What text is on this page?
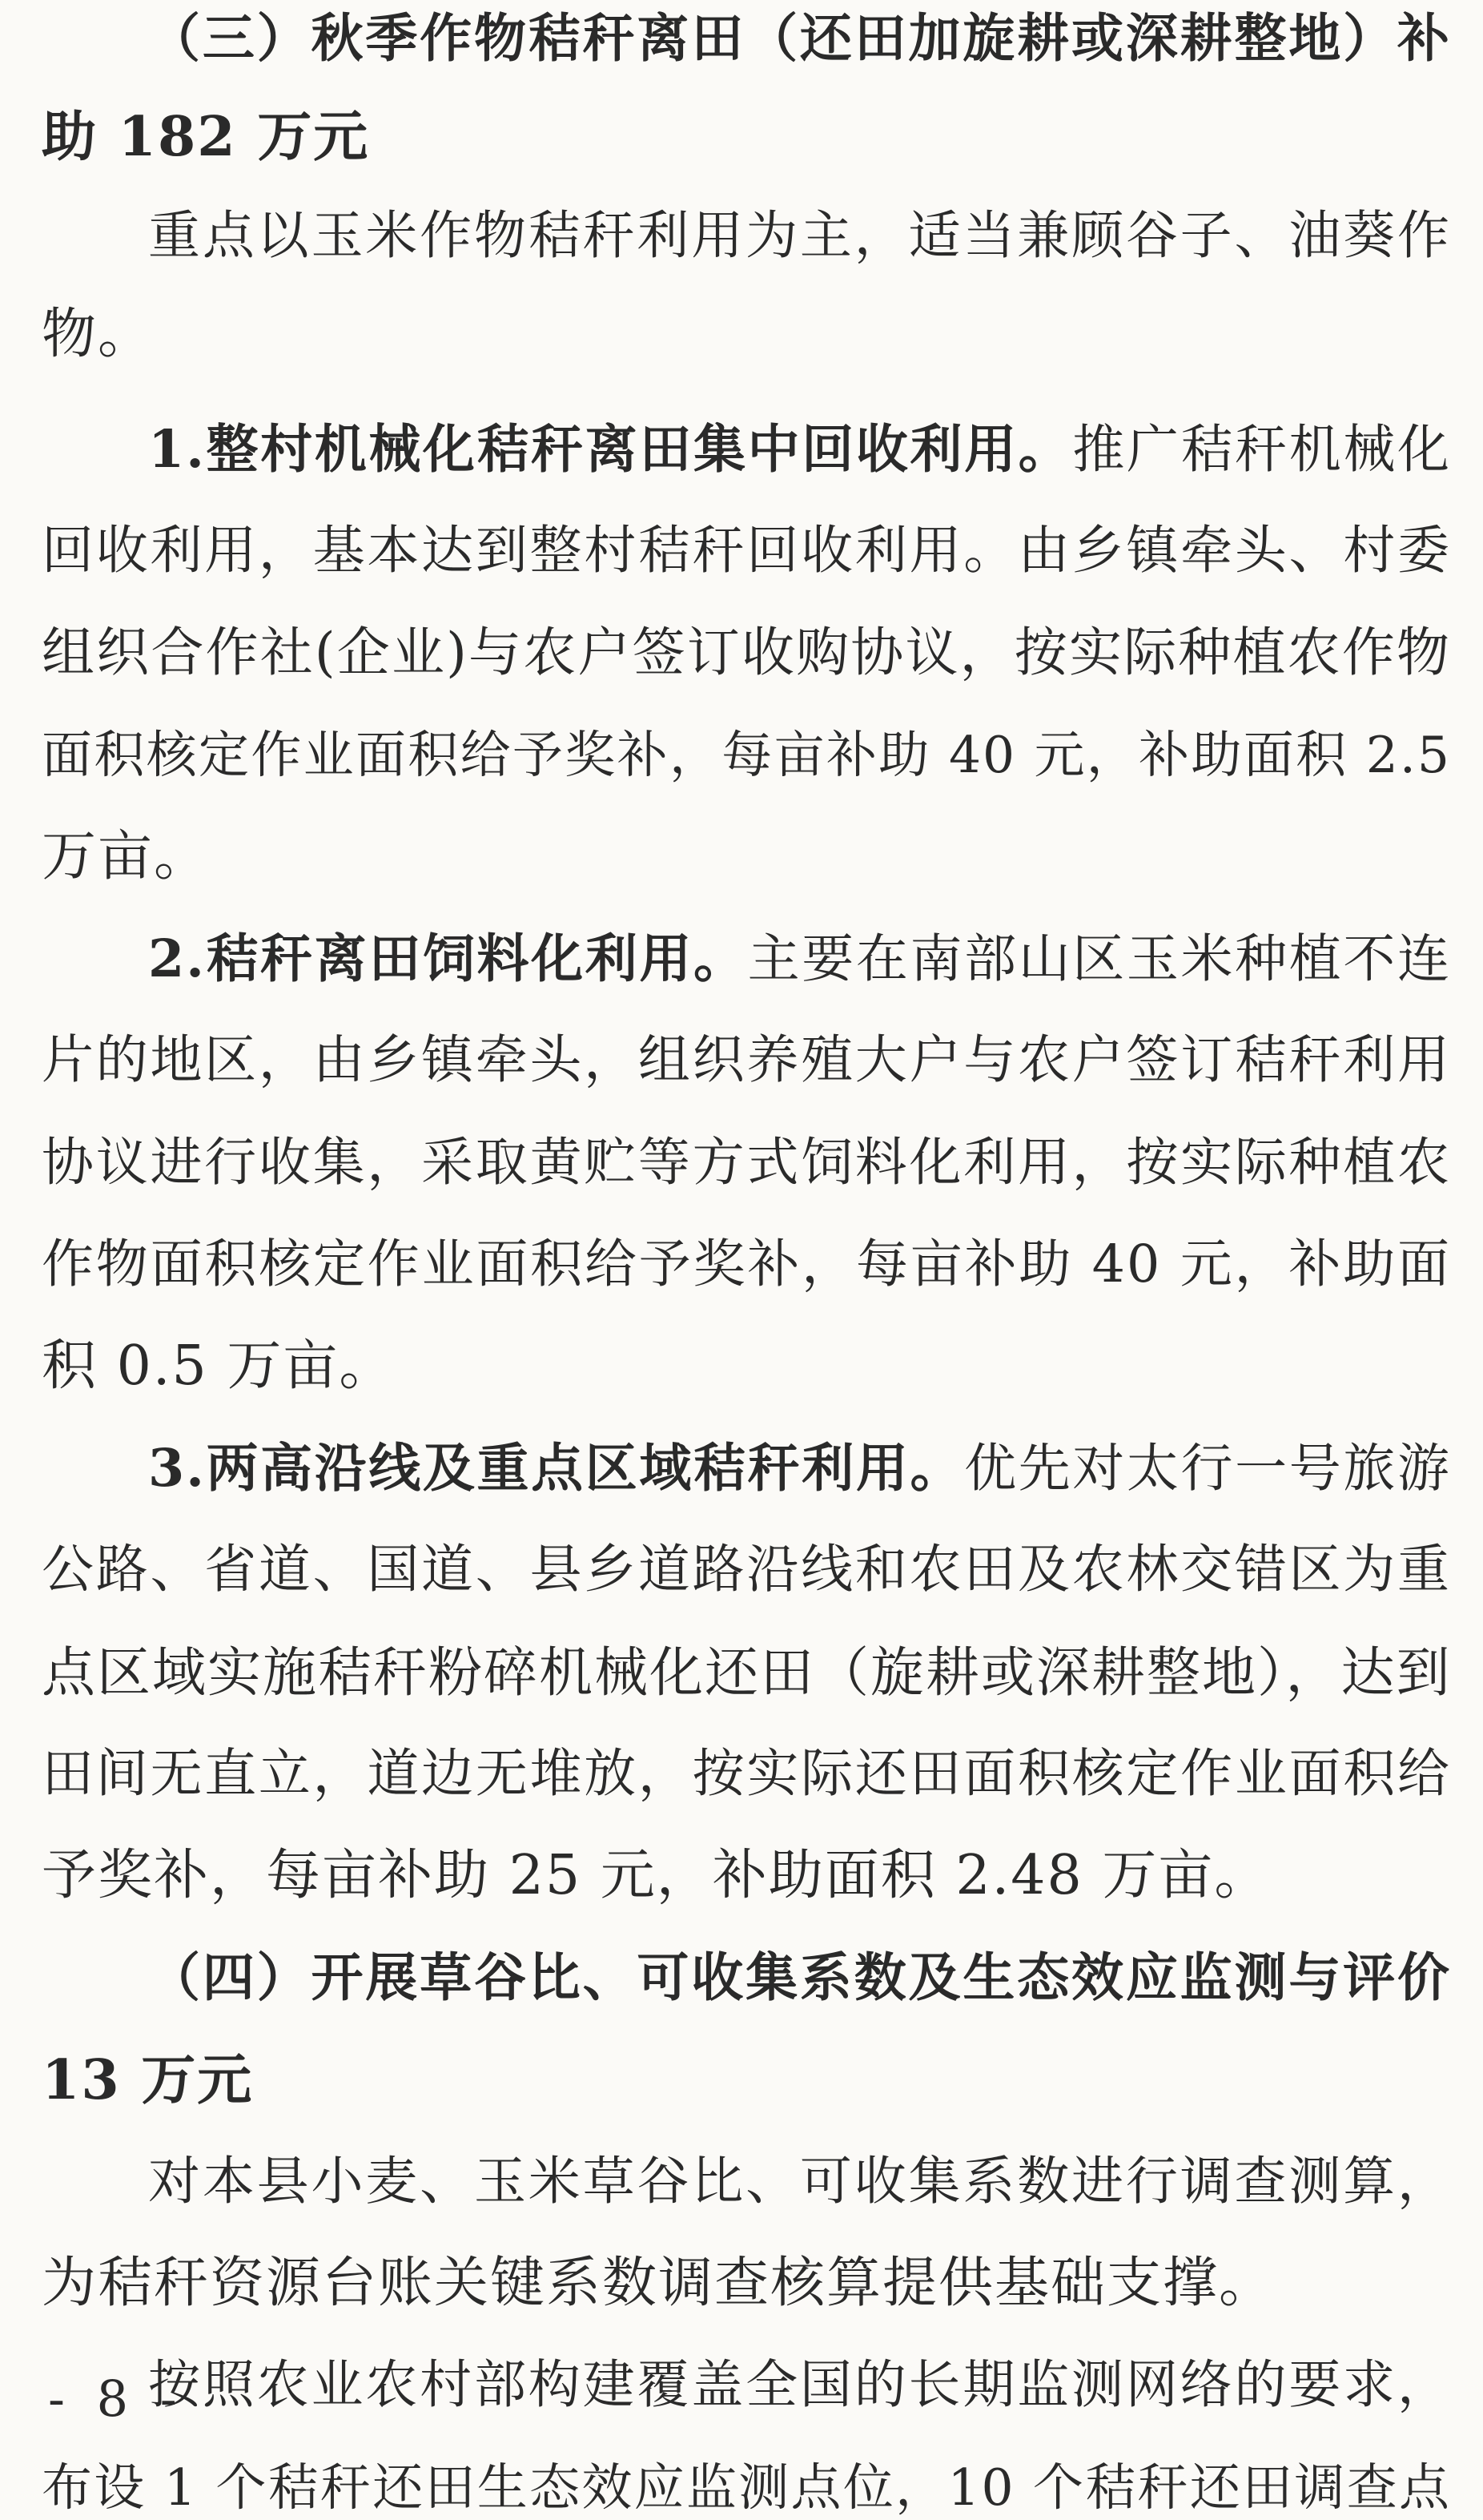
（三）秋季作物秸秆离田（还田加旋耕或深耕整地）补
助 182 万元
重点以玉米作物秸秆利用为主，适当兼顾谷子、油葵作
物。
1.整村机械化秸秆离田集中回收利用。推广秸秆机械化
回收利用，基本达到整村秸秆回收利用。由乡镇牵头、村委
组织合作社(企业)与农户签订收购协议，按实际种植农作物
面积核定作业面积给予奖补，每亩补助 40 元，补助面积 2.5
万亩。
2.秸秆离田饲料化利用。主要在南部山区玉米种植不连
片的地区，由乡镇牵头，组织养殖大户与农户签订秸秆利用
协议进行收集，采取黄贮等方式饲料化利用，按实际种植农
作物面积核定作业面积给予奖补，每亩补助 40 元，补助面
积 0.5 万亩。
3.两高沿线及重点区域秸秆利用。优先对太行一号旅游
公路、省道、国道、县乡道路沿线和农田及农林交错区为重
点区域实施秸秆粉碎机械化还田（旋耕或深耕整地），达到
田间无直立，道边无堆放，按实际还田面积核定作业面积给
予奖补，每亩补助 25 元，补助面积 2.48 万亩。
（四）开展草谷比、可收集系数及生态效应监测与评价
13 万元
对本县小麦、玉米草谷比、可收集系数进行调查测算，
为秸秆资源台账关键系数调查核算提供基础支撑。
按照农业农村部构建覆盖全国的长期监测网络的要求，
布设 1 个秸秆还田生态效应监测点位，10 个秸秆还田调查点
- 8 -
